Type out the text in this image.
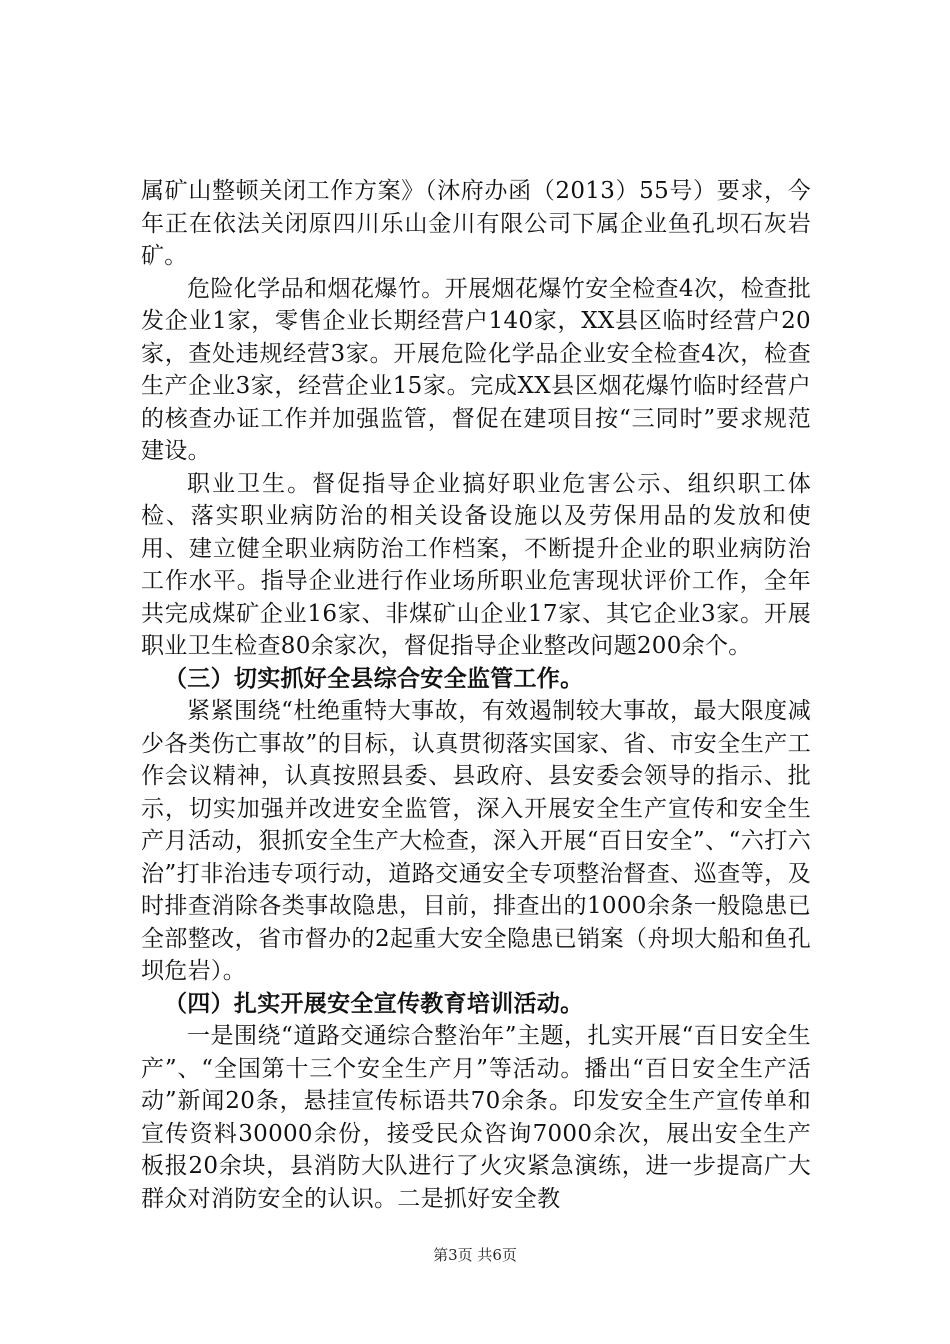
属矿山整顿关闭工作方案》（沐府办函（2013）55号）要求，今年正在依法关闭原四川乐山金川有限公司下属企业鱼孔坝石灰岩矿。

危险化学品和烟花爆竹。开展烟花爆竹安全检查4次，检查批发企业1家，零售企业长期经营户140家，XX县区临时经营户20家，查处违规经营3家。开展危险化学品企业安全检查4次，检查生产企业3家，经营企业15家。完成XX县区烟花爆竹临时经营户的核查办证工作并加强监管，督促在建项目按“三同时”要求规范建设。

职业卫生。督促指导企业搞好职业危害公示、组织职工体检、落实职业病防治的相关设备设施以及劳保用品的发放和使用、建立健全职业病防治工作档案，不断提升企业的职业病防治工作水平。指导企业进行作业场所职业危害现状评价工作，全年共完成煤矿企业16家、非煤矿山企业17家、其它企业3家。开展职业卫生检查80余家次，督促指导企业整改问题200余个。

（三）切实抓好全县综合安全监管工作。

紧紧围绕“杜绝重特大事故，有效遏制较大事故，最大限度减少各类伤亡事故”的目标，认真贯彻落实国家、省、市安全生产工作会议精神，认真按照县委、县政府、县安委会领导的指示、批示，切实加强并改进安全监管，深入开展安全生产宣传和安全生产月活动，狠抓安全生产大检查，深入开展“百日安全”、“六打六治”打非治违专项行动，道路交通安全专项整治督查、巡查等，及时排查消除各类事故隐患，目前，排查出的1000余条一般隐患已全部整改，省市督办的2起重大安全隐患已销案（舟坝大船和鱼孔坝危岩）。

（四）扎实开展安全宣传教育培训活动。

一是围绕“道路交通综合整治年”主题，扎实开展“百日安全生产”、“全国第十三个安全生产月”等活动。播出“百日安全生产活动”新闻20条，悬挂宣传标语共70余条。印发安全生产宣传单和宣传资料30000余份，接受民众咨询7000余次，展出安全生产板报20余块，县消防大队进行了火灾紧急演练，进一步提高广大群众对消防安全的认识。二是抓好安全教

第3页 共6页
